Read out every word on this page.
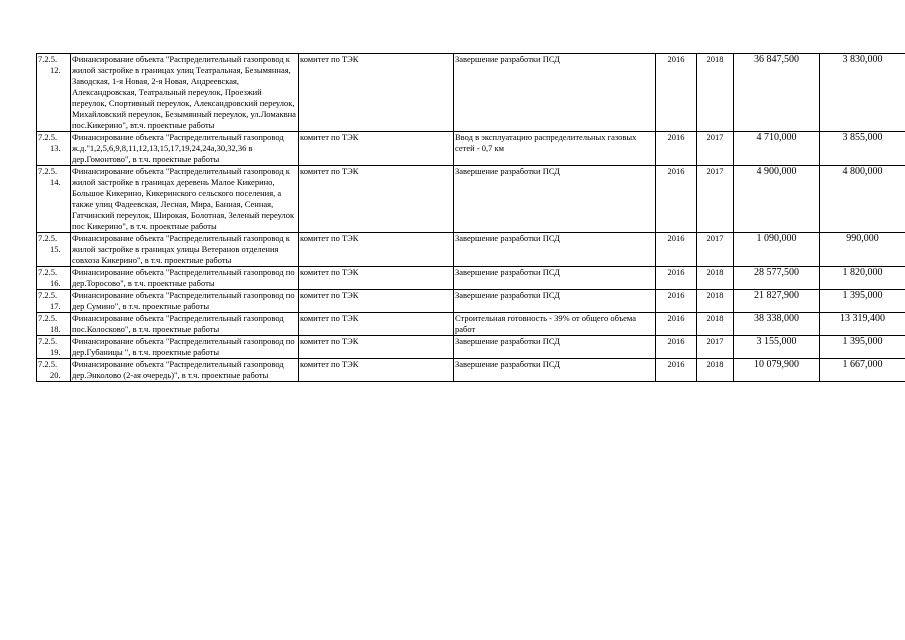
7.2.5.
12.	Финансирование объекта "Распределительный газопровод к жилой застройке в границах улиц Театральная, Безымянная, Заводская, 1-я Новая, 2-я Новая, Андреевская, Александровская, Театральный переулок, Проезжий переулок, Спортивный переулок, Александровский переулок, Михайловский переулок, Безымянный переулок, ул.Ломаквна пос.Кикерино", вт.ч. проектные работы	комитет по ТЭК	Завершение разработки ПСД	2016	2018	36 847,500	3 830,000

7.2.5.
13.	Финансирование объекта "Распределительный газопровод ж.д."1,2,5,6,9,8,11,12,13,15,17,19,24,24а,30,32,36 в дер.Гомонтово", в т.ч. проектные работы	комитет по ТЭК	Ввод в эксплуатацию распределительных газовых сетей - 0,7 км	2016	2017	4 710,000	3 855,000

7.2.5.
14.	Финансирование объекта "Распределительный газопровод к жилой застройке в границах деревень Малое Кикерино, Большое Кикерино, Кикеринского сельского поселения, а также улиц Фадеевская, Лесная, Мира, Банная, Сенная, Гатчинский переулок, Широкая, Болотная, Зеленый переулок пос Кикерино", в т.ч. проектные работы	комитет по ТЭК	Завершение разработки ПСД	2016	2017	4 900,000	4 800,000

7.2.5.
15.	Финансирование объекта "Распределительный газопровод к жилой застройке в границах улицы Ветеранов отделения совхоза Кикерино", в т.ч. проектные работы	комитет по ТЭК	Завершение разработки ПСД	2016	2017	1 090,000	990,000

7.2.5.
16.	Финансирование объекта "Распределительный газопровод по дер.Торосово", в т.ч. проектные работы	комитет по ТЭК	Завершение разработки ПСД	2016	2018	28 577,500	1 820,000

7.2.5.
17.	Финансирование объекта "Распределительный газопровод по дер Сумино", в т.ч. проектные работы	комитет по ТЭК	Завершение разработки ПСД	2016	2018	21 827,900	1 395,000

7.2.5.
18.	Финансирование объекта "Распределительный газопровод пос.Колосково", в т.ч. проектные работы	комитет по ТЭК	Строительная готовность - 39% от общего объема работ	2016	2018	38 338,000	13 319,400

7.2.5.
19.	Финансирование объекта "Распределительный газопровод по дер.Губаницы ", в т.ч. проектные работы	комитет по ТЭК	Завершение разработки ПСД	2016	2017	3 155,000	1 395,000

7.2.5.
20.	Финансирование объекта "Распределительный газопровод дер.Энколово (2-ая очередь)", в т.ч. проектные работы	комитет по ТЭК	Завершение разработки ПСД	2016	2018	10 079,900	1 667,000
